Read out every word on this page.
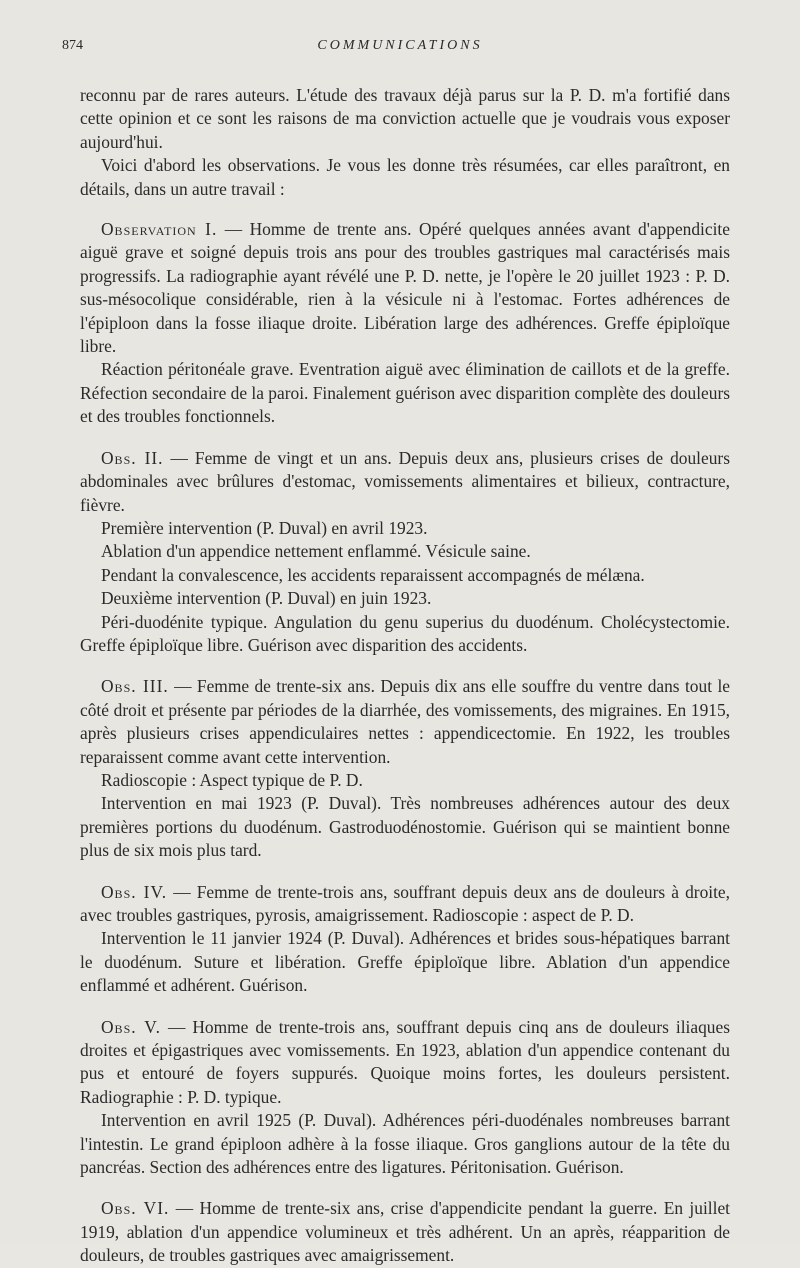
874	COMMUNICATIONS

reconnu par de rares auteurs. L'étude des travaux déjà parus sur la P. D. m'a fortifié dans cette opinion et ce sont les raisons de ma conviction actuelle que je voudrais vous exposer aujourd'hui.

Voici d'abord les observations. Je vous les donne très résumées, car elles paraîtront, en détails, dans un autre travail :

Observation I. — Homme de trente ans. Opéré quelques années avant d'appendicite aiguë grave et soigné depuis trois ans pour des troubles gastriques mal caractérisés mais progressifs. La radiographie ayant révélé une P. D. nette, je l'opère le 20 juillet 1923 : P. D. sus-mésocolique considérable, rien à la vésicule ni à l'estomac. Fortes adhérences de l'épiploon dans la fosse iliaque droite. Libération large des adhérences. Greffe épiploïque libre.

Réaction péritonéale grave. Eventration aiguë avec élimination de caillots et de la greffe. Réfection secondaire de la paroi. Finalement guérison avec disparition complète des douleurs et des troubles fonctionnels.

Obs. II. — Femme de vingt et un ans. Depuis deux ans, plusieurs crises de douleurs abdominales avec brûlures d'estomac, vomissements alimentaires et bilieux, contracture, fièvre.

Première intervention (P. Duval) en avril 1923.

Ablation d'un appendice nettement enflammé. Vésicule saine.

Pendant la convalescence, les accidents reparaissent accompagnés de mélæna.

Deuxième intervention (P. Duval) en juin 1923.

Péri-duodénite typique. Angulation du genu superius du duodénum. Cholécystectomie. Greffe épiploïque libre. Guérison avec disparition des accidents.

Obs. III. — Femme de trente-six ans. Depuis dix ans elle souffre du ventre dans tout le côté droit et présente par périodes de la diarrhée, des vomissements, des migraines. En 1915, après plusieurs crises appendiculaires nettes : appendicectomie. En 1922, les troubles reparaissent comme avant cette intervention.

Radioscopie : Aspect typique de P. D.

Intervention en mai 1923 (P. Duval). Très nombreuses adhérences autour des deux premières portions du duodénum. Gastroduodénostomie. Guérison qui se maintient bonne plus de six mois plus tard.

Obs. IV. — Femme de trente-trois ans, souffrant depuis deux ans de douleurs à droite, avec troubles gastriques, pyrosis, amaigrissement. Radioscopie : aspect de P. D.

Intervention le 11 janvier 1924 (P. Duval). Adhérences et brides sous-hépatiques barrant le duodénum. Suture et libération. Greffe épiploïque libre. Ablation d'un appendice enflammé et adhérent. Guérison.

Obs. V. — Homme de trente-trois ans, souffrant depuis cinq ans de douleurs iliaques droites et épigastriques avec vomissements. En 1923, ablation d'un appendice contenant du pus et entouré de foyers suppurés. Quoique moins fortes, les douleurs persistent. Radiographie : P. D. typique.

Intervention en avril 1925 (P. Duval). Adhérences péri-duodénales nombreuses barrant l'intestin. Le grand épiploon adhère à la fosse iliaque. Gros ganglions autour de la tête du pancréas. Section des adhérences entre des ligatures. Péritonisation. Guérison.

Obs. VI. — Homme de trente-six ans, crise d'appendicite pendant la guerre. En juillet 1919, ablation d'un appendice volumineux et très adhérent. Un an après, réapparition de douleurs, de troubles gastriques avec amaigrissement.
